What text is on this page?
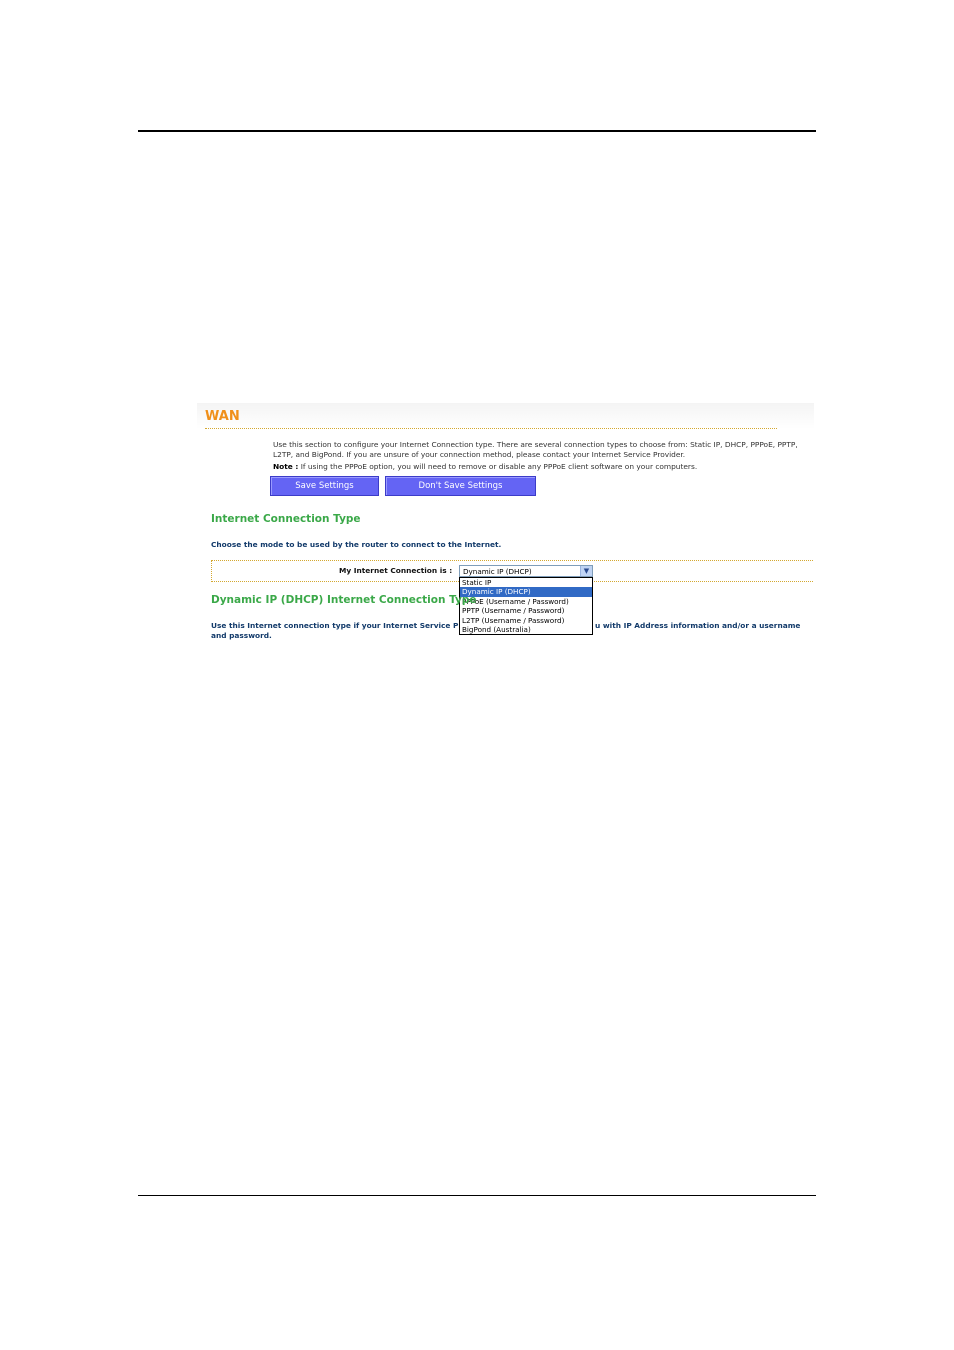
WAN
Use this section to configure your Internet Connection type. There are several connection types to choose from: Static IP, DHCP, PPPoE, PPTP, L2TP, and BigPond. If you are unsure of your connection method, please contact your Internet Service Provider.
Note : If using the PPPoE option, you will need to remove or disable any PPPoE client software on your computers.
Save Settings	Don't Save Settings
Internet Connection Type
Choose the mode to be used by the router to connect to the Internet.
My Internet Connection is : Dynamic IP (DHCP)	▼
Static IP
Dynamic IP (DHCP)
PPPoE (Username / Password)
PPTP (Username / Password)
L2TP (Username / Password)
BigPond (Australia)
Dynamic IP (DHCP) Internet Connection Type
Use this Internet connection type if your Internet Service P	u with IP Address information and/or a username
and password.
